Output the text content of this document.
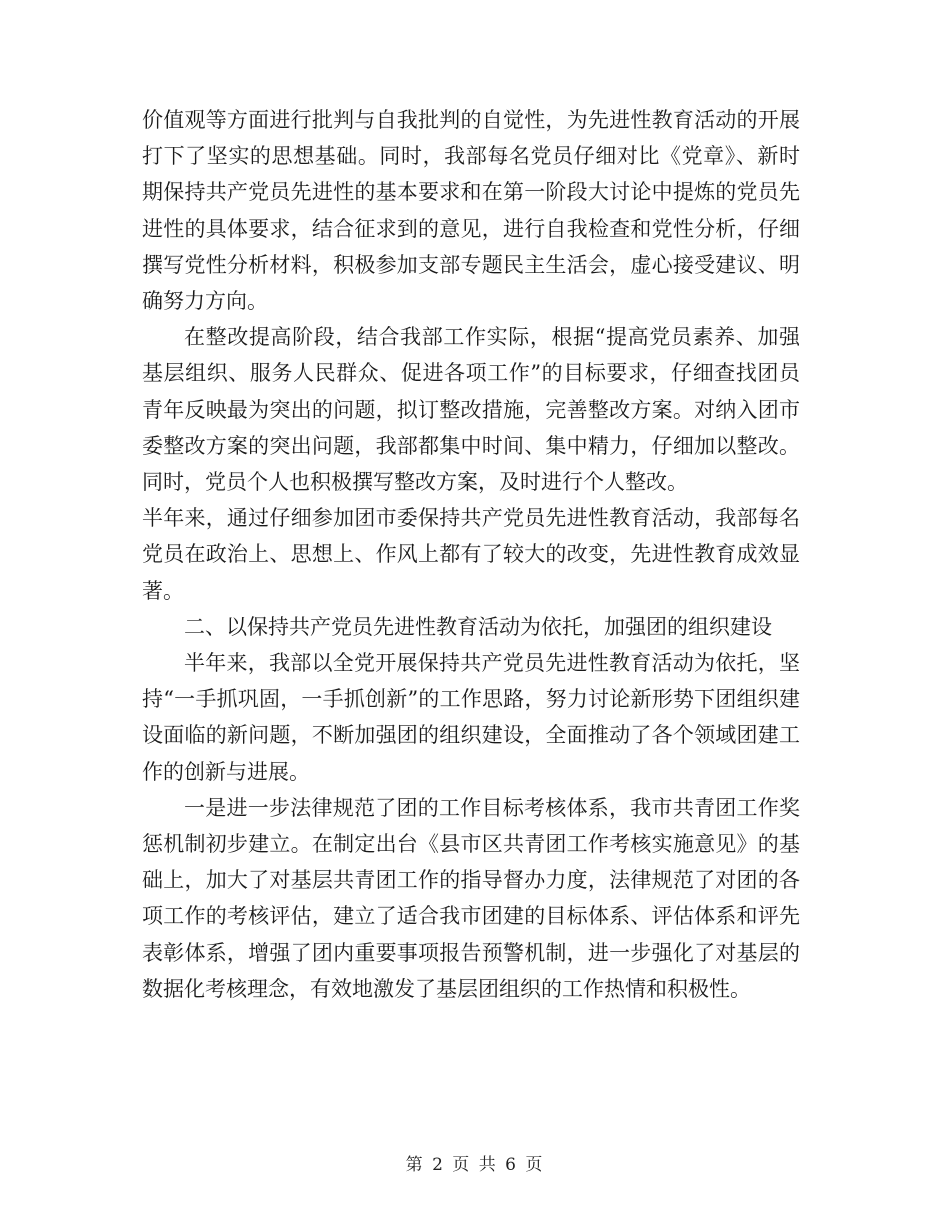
价值观等方面进行批判与自我批判的自觉性，为先进性教育活动的开展打下了坚实的思想基础。同时，我部每名党员仔细对比《党章》、新时期保持共产党员先进性的基本要求和在第一阶段大讨论中提炼的党员先进性的具体要求，结合征求到的意见，进行自我检查和党性分析，仔细撰写党性分析材料，积极参加支部专题民主生活会，虚心接受建议、明确努力方向。

在整改提高阶段，结合我部工作实际，根据“提高党员素养、加强基层组织、服务人民群众、促进各项工作”的目标要求，仔细查找团员青年反映最为突出的问题，拟订整改措施，完善整改方案。对纳入团市委整改方案的突出问题，我部都集中时间、集中精力，仔细加以整改。同时，党员个人也积极撰写整改方案，及时进行个人整改。

半年来，通过仔细参加团市委保持共产党员先进性教育活动，我部每名党员在政治上、思想上、作风上都有了较大的改变，先进性教育成效显著。

二、以保持共产党员先进性教育活动为依托，加强团的组织建设

半年来，我部以全党开展保持共产党员先进性教育活动为依托，坚持“一手抓巩固，一手抓创新”的工作思路，努力讨论新形势下团组织建设面临的新问题，不断加强团的组织建设，全面推动了各个领域团建工作的创新与进展。

一是进一步法律规范了团的工作目标考核体系，我市共青团工作奖惩机制初步建立。在制定出台《县市区共青团工作考核实施意见》的基础上，加大了对基层共青团工作的指导督办力度，法律规范了对团的各项工作的考核评估，建立了适合我市团建的目标体系、评估体系和评先表彰体系，增强了团内重要事项报告预警机制，进一步强化了对基层的数据化考核理念，有效地激发了基层团组织的工作热情和积极性。

第 2 页 共 6 页
